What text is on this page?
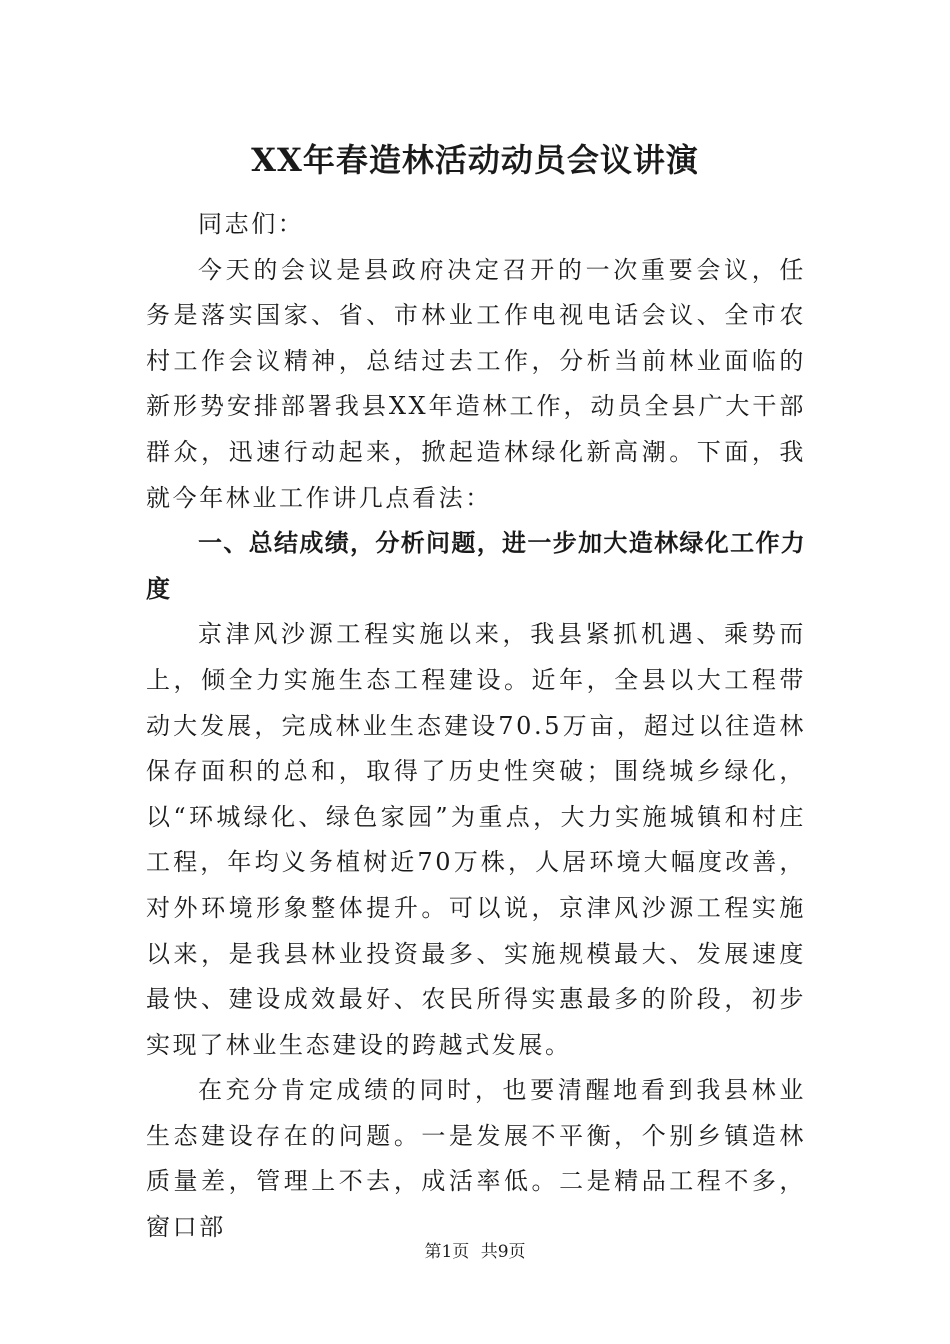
XX年春造林活动动员会议讲演

同志们：

今天的会议是县政府决定召开的一次重要会议，任务是落实国家、省、市林业工作电视电话会议、全市农村工作会议精神，总结过去工作，分析当前林业面临的新形势安排部署我县XX年造林工作，动员全县广大干部群众，迅速行动起来，掀起造林绿化新高潮。下面，我就今年林业工作讲几点看法：

一、总结成绩，分析问题，进一步加大造林绿化工作力度

京津风沙源工程实施以来，我县紧抓机遇、乘势而上，倾全力实施生态工程建设。近年，全县以大工程带动大发展，完成林业生态建设70.5万亩，超过以往造林保存面积的总和，取得了历史性突破；围绕城乡绿化，以“环城绿化、绿色家园”为重点，大力实施城镇和村庄工程，年均义务植树近70万株，人居环境大幅度改善，对外环境形象整体提升。可以说，京津风沙源工程实施以来，是我县林业投资最多、实施规模最大、发展速度最快、建设成效最好、农民所得实惠最多的阶段，初步实现了林业生态建设的跨越式发展。

在充分肯定成绩的同时，也要清醒地看到我县林业生态建设存在的问题。一是发展不平衡，个别乡镇造林质量差，管理上不去，成活率低。二是精品工程不多，窗口部

第1页 共9页
